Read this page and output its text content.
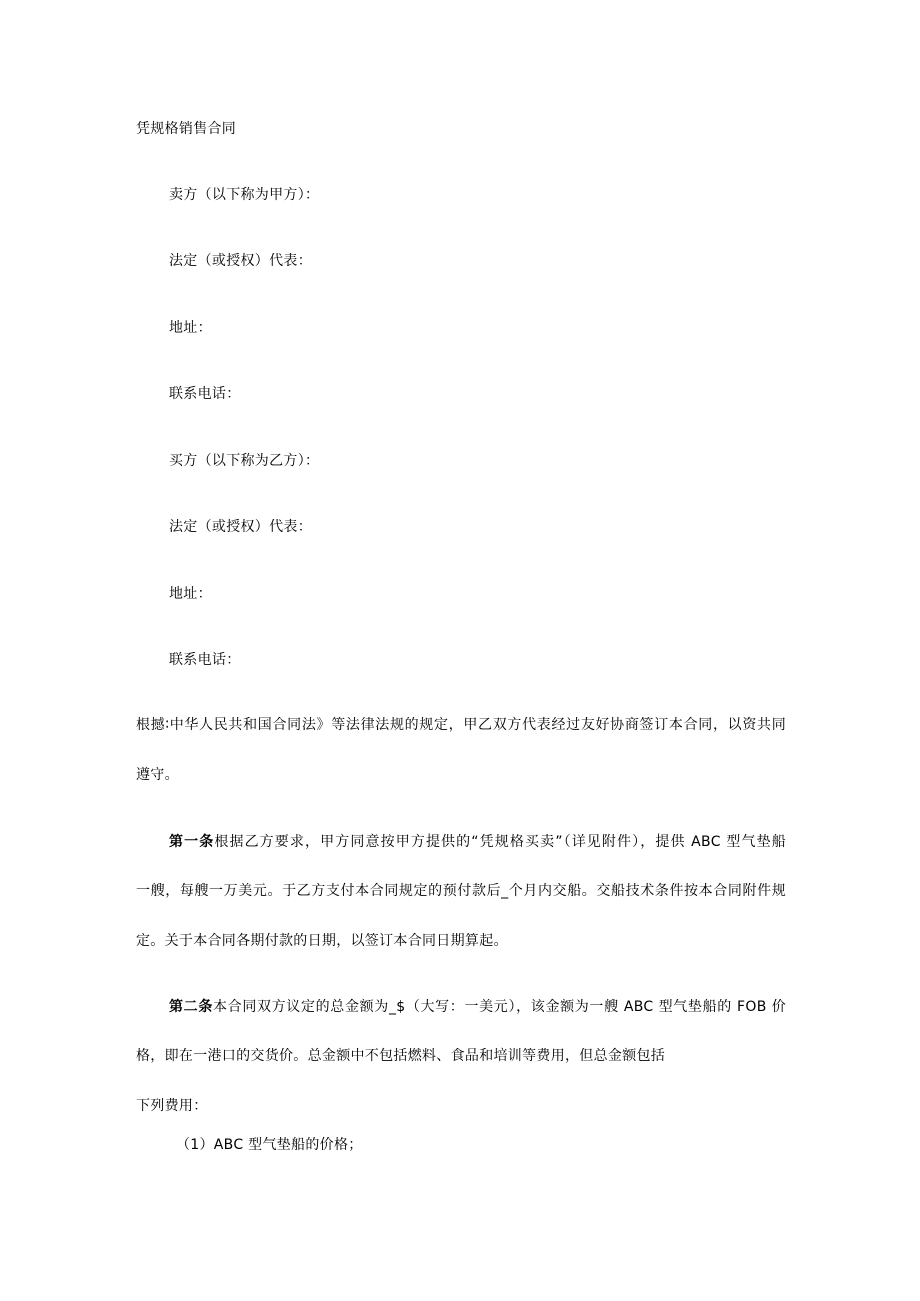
凭规格销售合同
卖方（以下称为甲方）：
法定（或授权）代表：
地址：
联系电话：
买方（以下称为乙方）：
法定（或授权）代表：
地址：
联系电话：
根撼∶中华人民共和国合同法》等法律法规的规定，甲乙双方代表经过友好协商签订本合同，以资共同
遵守。
第一条根据乙方要求，甲方同意按甲方提供的“凭规格买卖”（详见附件），提供 ABC 型气垫船
一艘，每艘一万美元。于乙方支付本合同规定的预付款后_个月内交船。交船技术条件按本合同附件规
定。关于本合同各期付款的日期，以签订本合同日期算起。
第二条本合同双方议定的总金额为_$（大写：一美元），该金额为一艘 ABC 型气垫船的 FOB 价
格，即在一港口的交货价。总金额中不包括燃料、食品和培训等费用，但总金额包括
下列费用：
（1）ABC 型气垫船的价格；
